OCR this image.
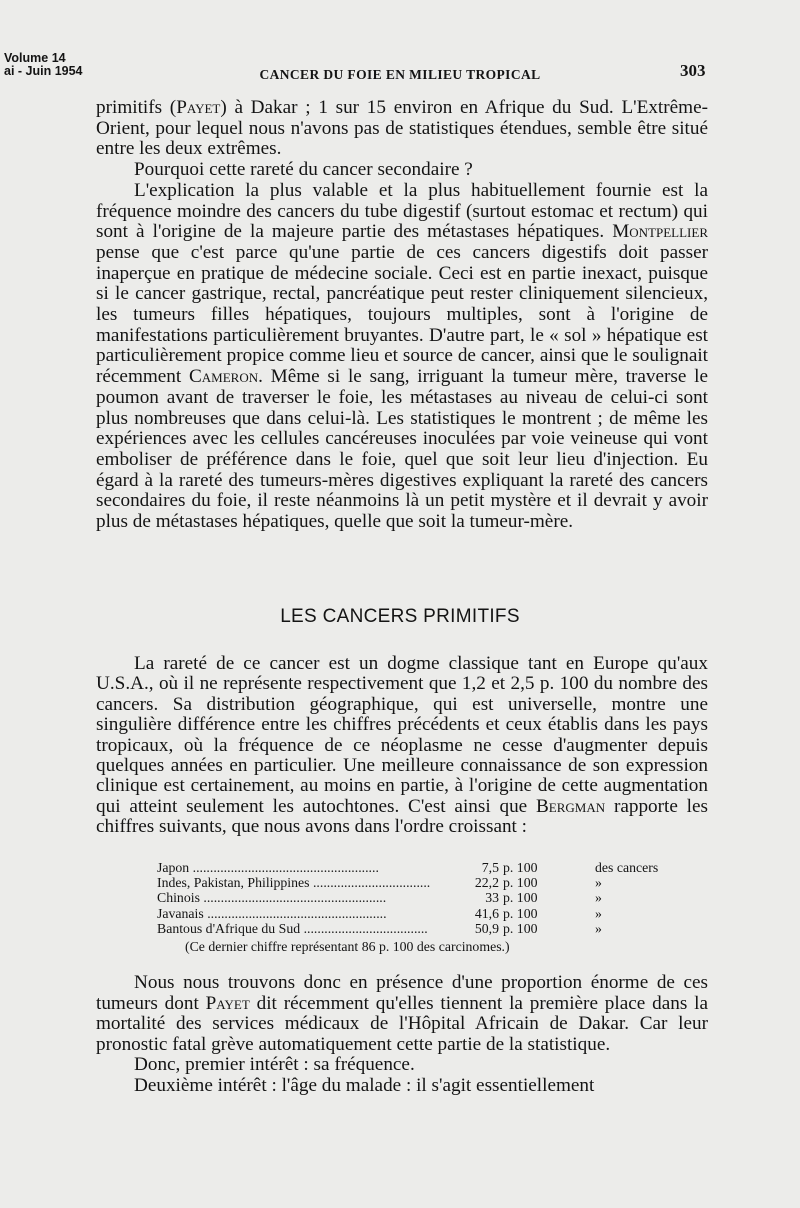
Volume 14
ai - Juin 1954	CANCER DU FOIE EN MILIEU TROPICAL	303

primitifs (Payet) à Dakar ; 1 sur 15 environ en Afrique du Sud. L'Extrême-Orient, pour lequel nous n'avons pas de statistiques étendues, semble être situé entre les deux extrêmes.

Pourquoi cette rareté du cancer secondaire ?

L'explication la plus valable et la plus habituellement fournie est la fréquence moindre des cancers du tube digestif (surtout estomac et rectum) qui sont à l'origine de la majeure partie des métastases hépatiques. Montpellier pense que c'est parce qu'une partie de ces cancers digestifs doit passer inaperçue en pratique de médecine sociale. Ceci est en partie inexact, puisque si le cancer gastrique, rectal, pancréatique peut rester cliniquement silencieux, les tumeurs filles hépatiques, toujours multiples, sont à l'origine de manifestations particulièrement bruyantes. D'autre part, le « sol » hépatique est particulièrement propice comme lieu et source de cancer, ainsi que le soulignait récemment Cameron. Même si le sang, irriguant la tumeur mère, traverse le poumon avant de traverser le foie, les métastases au niveau de celui-ci sont plus nombreuses que dans celui-là. Les statistiques le montrent ; de même les expériences avec les cellules cancéreuses inoculées par voie veineuse qui vont emboliser de préférence dans le foie, quel que soit leur lieu d'injection. Eu égard à la rareté des tumeurs-mères digestives expliquant la rareté des cancers secondaires du foie, il reste néanmoins là un petit mystère et il devrait y avoir plus de métastases hépatiques, quelle que soit la tumeur-mère.

LES CANCERS PRIMITIFS

La rareté de ce cancer est un dogme classique tant en Europe qu'aux U.S.A., où il ne représente respectivement que 1,2 et 2,5 p. 100 du nombre des cancers. Sa distribution géographique, qui est universelle, montre une singulière différence entre les chiffres précédents et ceux établis dans les pays tropicaux, où la fréquence de ce néoplasme ne cesse d'augmenter depuis quelques années en particulier. Une meilleure connaissance de son expression clinique est certainement, au moins en partie, à l'origine de cette augmentation qui atteint seulement les autochtones. C'est ainsi que Bergman rapporte les chiffres suivants, que nous avons dans l'ordre croissant :

Japon ......................................................	7,5 p. 100	des cancers
Indes, Pakistan, Philippines ..................................	22,2 p. 100	»
Chinois .....................................................	33 p. 100	»
Javanais ....................................................	41,6 p. 100	»
Bantous d'Afrique du Sud ....................................	50,9 p. 100	»
(Ce dernier chiffre représentant 86 p. 100 des carcinomes.)

Nous nous trouvons donc en présence d'une proportion énorme de ces tumeurs dont Payet dit récemment qu'elles tiennent la première place dans la mortalité des services médicaux de l'Hôpital Africain de Dakar. Car leur pronostic fatal grève automatiquement cette partie de la statistique.

Donc, premier intérêt : sa fréquence.

Deuxième intérêt : l'âge du malade : il s'agit essentiellement
